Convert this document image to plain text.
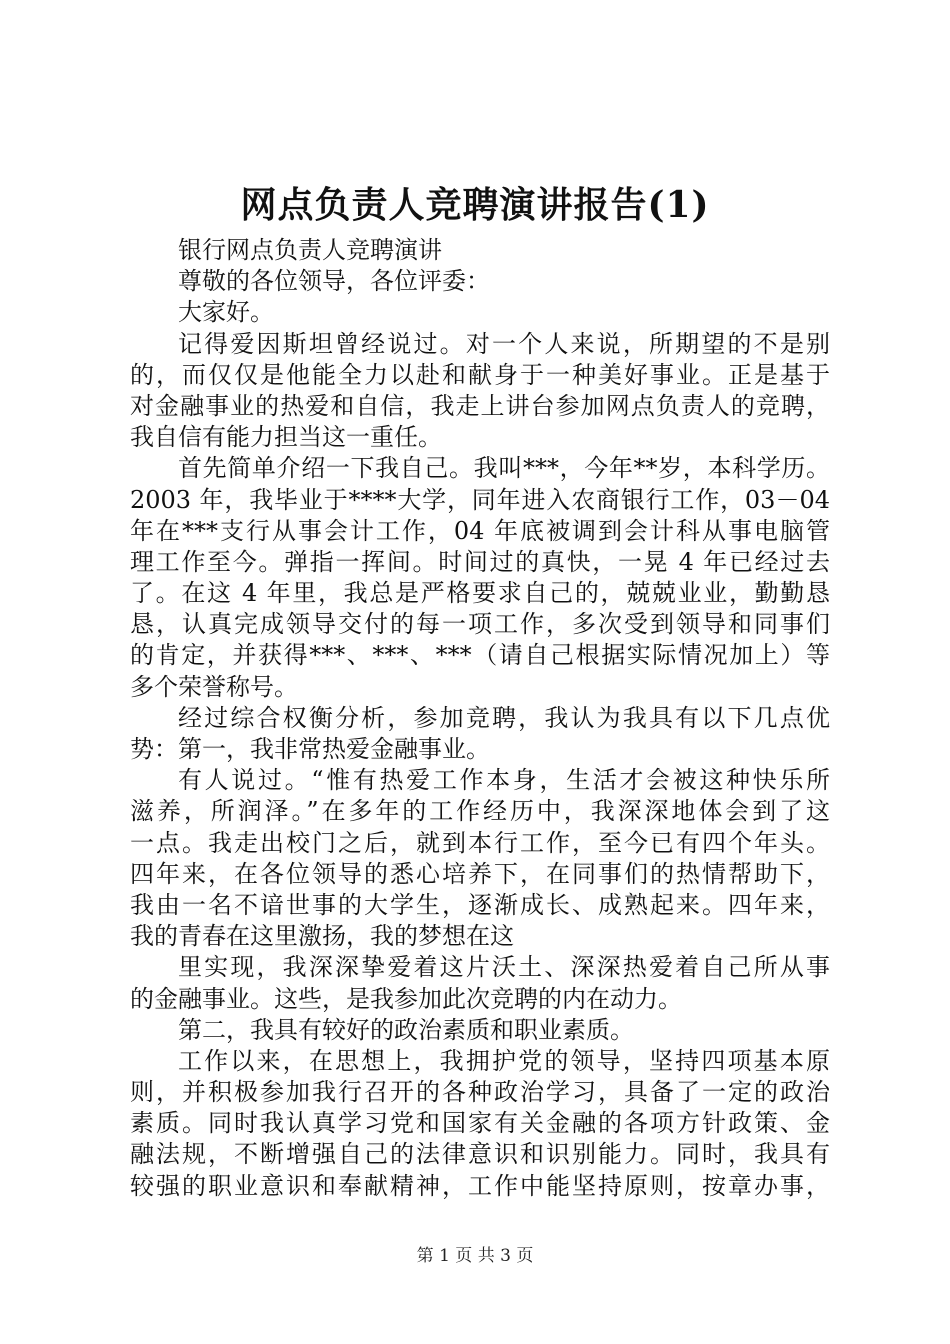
网点负责人竞聘演讲报告(1)
银行网点负责人竞聘演讲
尊敬的各位领导，各位评委：
大家好。
记得爱因斯坦曾经说过。对一个人来说，所期望的不是别
的，而仅仅是他能全力以赴和献身于一种美好事业。正是基于
对金融事业的热爱和自信，我走上讲台参加网点负责人的竞聘，
我自信有能力担当这一重任。
首先简单介绍一下我自己。我叫***，今年**岁，本科学历。
2003 年，我毕业于****大学，同年进入农商银行工作，03－04
年在***支行从事会计工作，04 年底被调到会计科从事电脑管
理工作至今。弹指一挥间。时间过的真快，一晃 4 年已经过去
了。在这 4 年里，我总是严格要求自己的，兢兢业业，勤勤恳
恳，认真完成领导交付的每一项工作，多次受到领导和同事们
的肯定，并获得***、***、***（请自己根据实际情况加上）等
多个荣誉称号。
经过综合权衡分析，参加竞聘，我认为我具有以下几点优
势：第一，我非常热爱金融事业。
有人说过。“惟有热爱工作本身，生活才会被这种快乐所
滋养，所润泽。”在多年的工作经历中，我深深地体会到了这
一点。我走出校门之后，就到本行工作，至今已有四个年头。
四年来，在各位领导的悉心培养下，在同事们的热情帮助下，
我由一名不谙世事的大学生，逐渐成长、成熟起来。四年来，
我的青春在这里激扬，我的梦想在这
里实现，我深深挚爱着这片沃土、深深热爱着自己所从事
的金融事业。这些，是我参加此次竞聘的内在动力。
第二，我具有较好的政治素质和职业素质。
工作以来，在思想上，我拥护党的领导，坚持四项基本原
则，并积极参加我行召开的各种政治学习，具备了一定的政治
素质。同时我认真学习党和国家有关金融的各项方针政策、金
融法规，不断增强自己的法律意识和识别能力。同时，我具有
较强的职业意识和奉献精神，工作中能坚持原则，按章办事，
第 1 页 共 3 页
